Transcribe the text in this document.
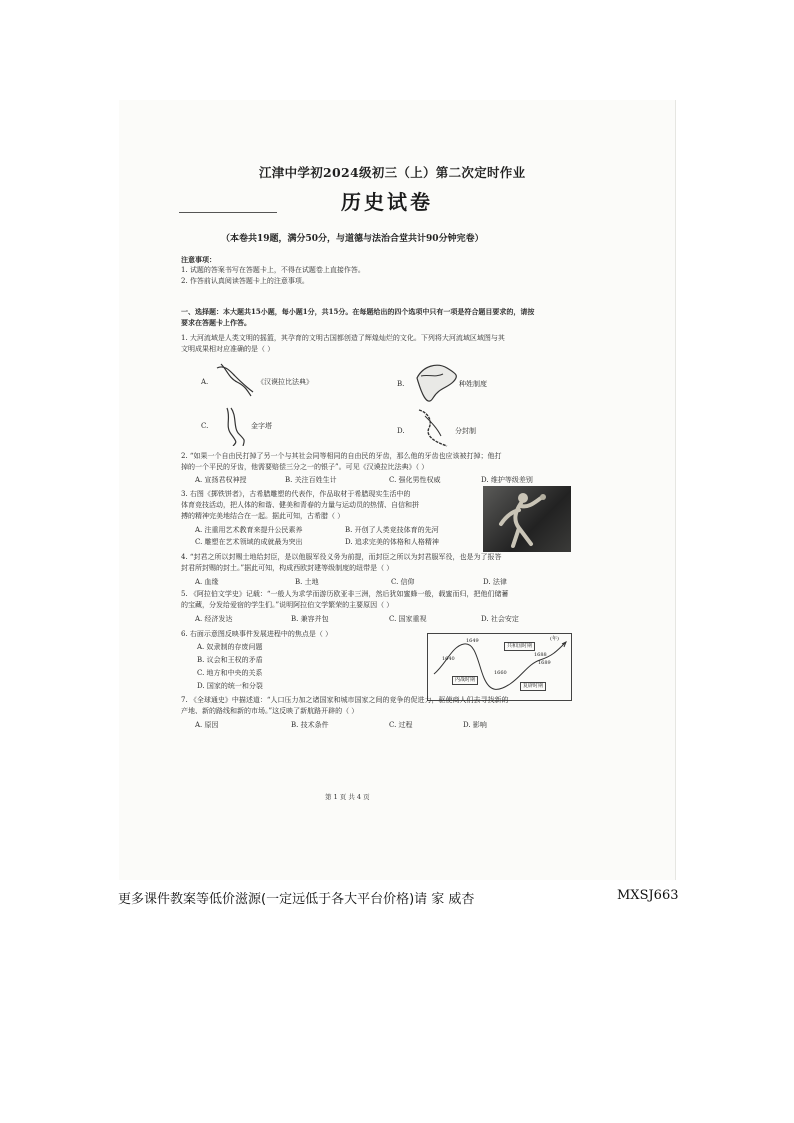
江津中学初2024级初三（上）第二次定时作业
历史试卷
（本卷共19题，满分50分，与道德与法治合堂共计90分钟完卷）
注意事项：
1. 试题的答案书写在答题卡上，不得在试题卷上直接作答。
2. 作答前认真阅读答题卡上的注意事项。
一、选择题：本大题共15小题，每小题1分，共15分。在每题给出的四个选项中只有一项是符合题目要求的，请按
要求在答题卡上作答。
1. 大河流域是人类文明的摇篮，其孕育的文明古国都创造了辉煌灿烂的文化。下列将大河流域区域图与其
文明成果相对应准确的是（ ）
A.	《汉谟拉比法典》	B.	种姓制度
C.	金字塔
D.	分封制
2. “如果一个自由民打掉了另一个与其社会同等相同的自由民的牙齿，那么他的牙齿也应该被打掉；他打
掉的一个平民的牙齿，他需要赔偿三分之一的银子”。可见《汉谟拉比法典》（ ）
A. 宣扬君权神授	B. 关注百姓生计	C. 强化男性权威	D. 维护等级差别
3. 右图《掷铁饼者》，古希腊雕塑的代表作，作品取材于希腊现实生活中的
体育竞技活动，把人体的和谐、健美和青春的力量与运动员的热情、自信和拼
搏的精神完美地结合在一起。据此可知，古希腊（ ）
A. 注重用艺术教育来提升公民素养	B. 开创了人类竞技体育的先河
C. 雕塑在艺术领域的成就最为突出	D. 追求完美的体格和人格精神
4. “封君之所以封赐土地给封臣，是以他服军役义务为前提，而封臣之所以为封君服军役，也是为了报答
封君所封赐的封土。”据此可知，构成西欧封建等级制度的纽带是（ ）
A. 血缘	B. 土地	C. 信仰	D. 法律
5. 《阿拉伯文学史》记载：“一般人为求学而游历欧亚非三洲，然后犹如蜜蜂一般，载蜜而归，把他们储蓄
的宝藏，分发给爱宿的学生们。”说明阿拉伯文学繁荣的主要原因（ ）
A. 经济发达	B. 兼容并包	C. 国家重视	D. 社会安定
6. 右面示意图反映事件发展进程中的焦点是（ ）
A. 奴隶制的存废问题
B. 议会和王权的矛盾
C. 地方和中央的关系
D. 国家的统一和分裂
1640
1649
1660
1688
1689
(年)
共和国时期
内战时期
复辟时期
7. 《全球通史》中描述道：“人口压力加之诸国家和城市国家之间的竞争的促进力，驱使商人们去寻找新的
产地、新的路线和新的市场。”这反映了新航路开辟的（ ）
A. 原因	B. 技术条件	C. 过程	D. 影响
第 1 页 共 4 页
更多课件教案等低价滋源(一定远低于各大平台价格)请 家 威杏	MXSJ663
